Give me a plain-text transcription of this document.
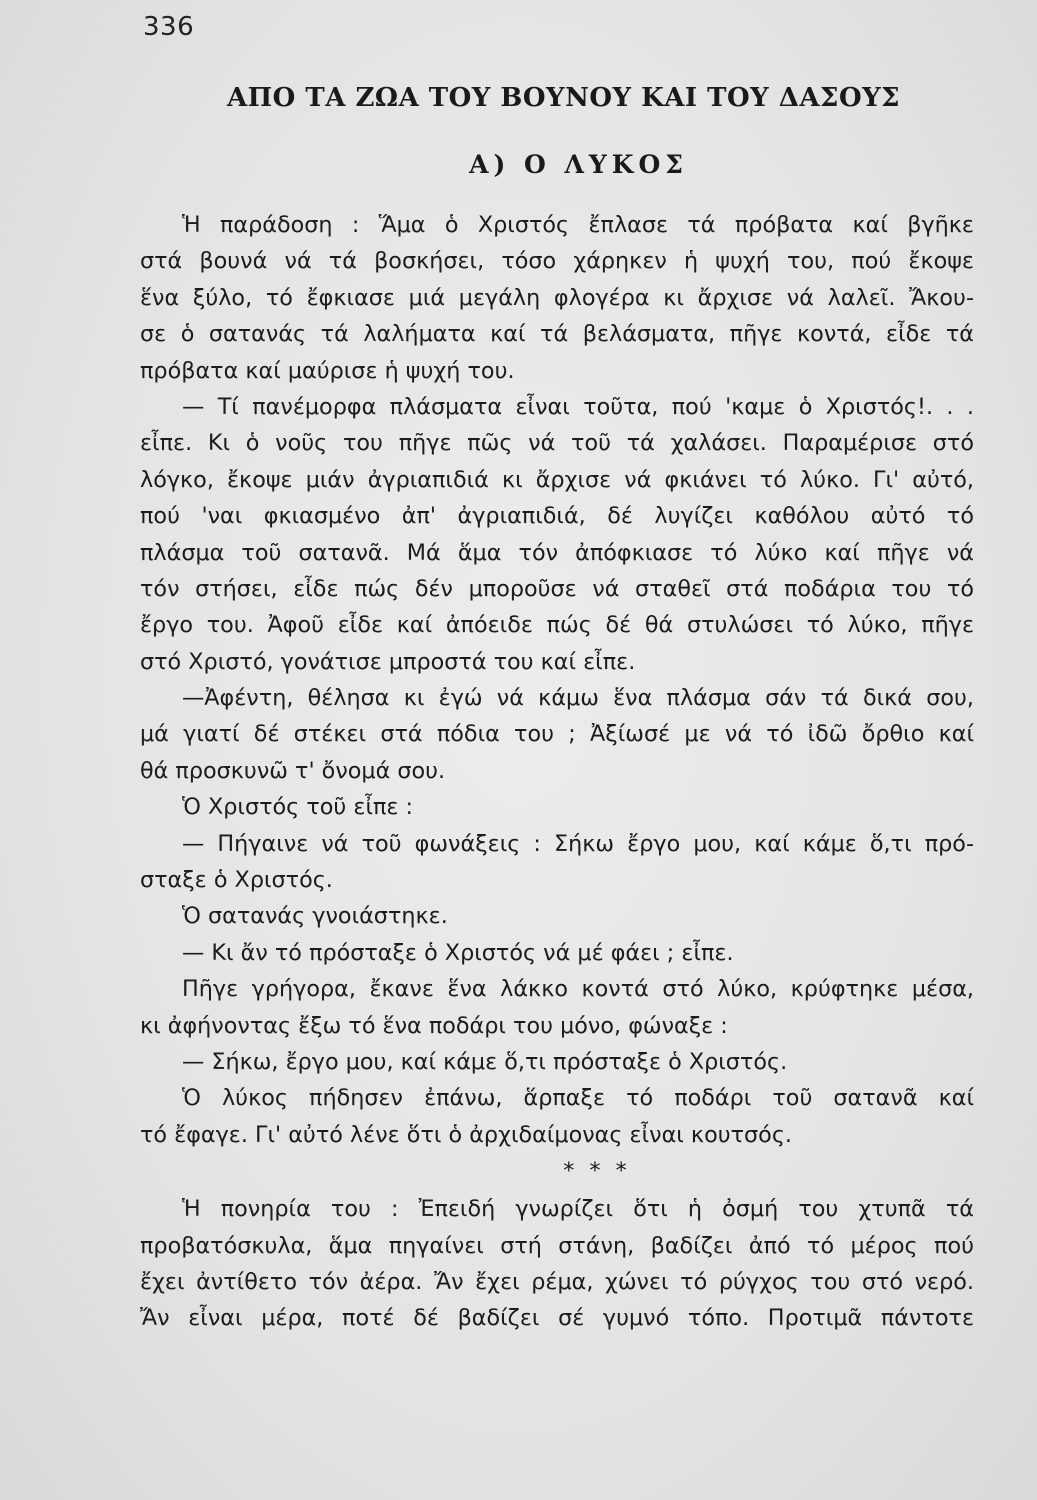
336
ΑΠΟ ΤΑ ΖΩΑ ΤΟΥ ΒΟΥΝΟΥ ΚΑΙ ΤΟΥ ΔΑΣΟΥΣ
Α) Ο ΛΥΚΟΣ
Ἡ παράδοση : Ἅμα ὁ Χριστός ἔπλασε τά πρόβατα καί βγῆκε
στά βουνά νά τά βοσκήσει, τόσο χάρηκεν ἡ ψυχή του, πού ἔκοψε
ἕνα ξύλο, τό ἔφκιασε μιά μεγάλη φλογέρα κι ἄρχισε νά λαλεῖ. Ἄκου-
σε ὁ σατανάς τά λαλήματα καί τά βελάσματα, πῆγε κοντά, εἶδε τά
πρόβατα καί μαύρισε ἡ ψυχή του.
— Τί πανέμορφα πλάσματα εἶναι τοῦτα, πού 'καμε ὁ Χριστός!. . .
εἶπε. Κι ὁ νοῦς του πῆγε πῶς νά τοῦ τά χαλάσει. Παραμέρισε στό
λόγκο, ἔκοψε μιάν ἀγριαπιδιά κι ἄρχισε νά φκιάνει τό λύκο. Γι' αὐτό,
πού 'ναι φκιασμένο ἀπ' ἀγριαπιδιά, δέ λυγίζει καθόλου αὐτό τό
πλάσμα τοῦ σατανᾶ. Μά ἅμα τόν ἀπόφκιασε τό λύκο καί πῆγε νά
τόν στήσει, εἶδε πώς δέν μποροῦσε νά σταθεῖ στά ποδάρια του τό
ἔργο του. Ἀφοῦ εἶδε καί ἀπόειδε πώς δέ θά στυλώσει τό λύκο, πῆγε
στό Χριστό, γονάτισε μπροστά του καί εἶπε.
—Ἀφέντη, θέλησα κι ἐγώ νά κάμω ἕνα πλάσμα σάν τά δικά σου,
μά γιατί δέ στέκει στά πόδια του ; Ἀξίωσέ με νά τό ἰδῶ ὄρθιο καί
θά προσκυνῶ τ' ὄνομά σου.
Ὁ Χριστός τοῦ εἶπε :
— Πήγαινε νά τοῦ φωνάξεις : Σήκω ἔργο μου, καί κάμε ὅ,τι πρό-
σταξε ὁ Χριστός.
Ὁ σατανάς γνοιάστηκε.
— Κι ἄν τό πρόσταξε ὁ Χριστός νά μέ φάει ; εἶπε.
Πῆγε γρήγορα, ἔκανε ἕνα λάκκο κοντά στό λύκο, κρύφτηκε μέσα,
κι ἀφήνοντας ἔξω τό ἕνα ποδάρι του μόνο, φώναξε :
— Σήκω, ἔργο μου, καί κάμε ὅ,τι πρόσταξε ὁ Χριστός.
Ὁ λύκος πήδησεν ἐπάνω, ἅρπαξε τό ποδάρι τοῦ σατανᾶ καί
τό ἔφαγε. Γι' αὐτό λένε ὅτι ὁ ἀρχιδαίμονας εἶναι κουτσός.
* * *
Ἡ πονηρία του : Ἐπειδή γνωρίζει ὅτι ἡ ὀσμή του χτυπᾶ τά
προβατόσκυλα, ἅμα πηγαίνει στή στάνη, βαδίζει ἀπό τό μέρος πού
ἔχει ἀντίθετο τόν ἀέρα. Ἄν ἔχει ρέμα, χώνει τό ρύγχος του στό νερό.
Ἄν εἶναι μέρα, ποτέ δέ βαδίζει σέ γυμνό τόπο. Προτιμᾶ πάντοτε
